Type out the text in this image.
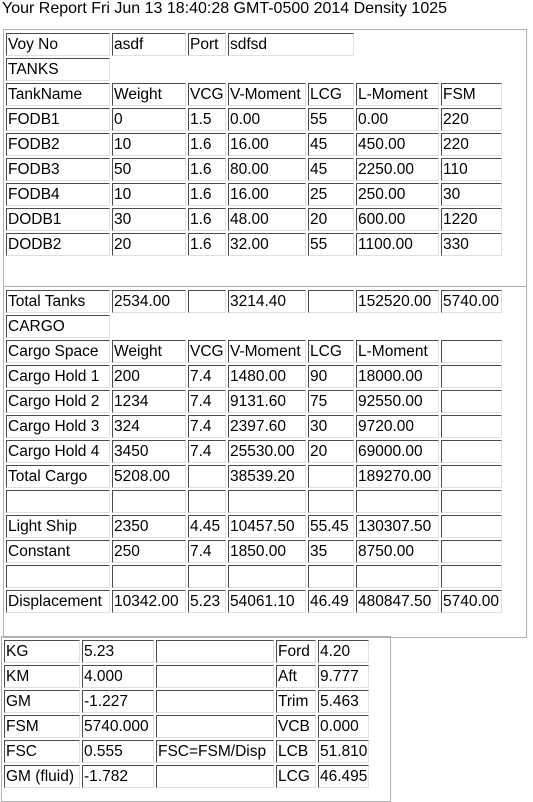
Your Report Fri Jun 13 18:40:28 GMT-0500 2014 Density 1025
Voy No	asdf	Port	sdfsd			
TANKS						
TankName	Weight	VCG	V-Moment	LCG	L-Moment	FSM
FODB1	0	1.5	0.00	55	0.00	220
FODB2	10	1.6	16.00	45	450.00	220
FODB3	50	1.6	80.00	45	2250.00	110
FODB4	10	1.6	16.00	25	250.00	30
DODB1	30	1.6	48.00	20	600.00	1220
DODB2	20	1.6	32.00	55	1100.00	330
Total Tanks	2534.00		3214.40		152520.00	5740.00
CARGO						
Cargo Space	Weight	VCG	V-Moment	LCG	L-Moment	
Cargo Hold 1	200	7.4	1480.00	90	18000.00	
Cargo Hold 2	1234	7.4	9131.60	75	92550.00	
Cargo Hold 3	324	7.4	2397.60	30	9720.00	
Cargo Hold 4	3450	7.4	25530.00	20	69000.00	
Total Cargo	5208.00		38539.20		189270.00	

Light Ship	2350	4.45	10457.50	55.45	130307.50	
Constant	250	7.4	1850.00	35	8750.00	

Displacement	10342.00	5.23	54061.10	46.49	480847.50	5740.00
KG	5.23		Ford	4.20
KM	4.000		Aft	9.777
GM	-1.227		Trim	5.463
FSM	5740.000		VCB	0.000
FSC	0.555	FSC=FSM/Disp	LCB	51.810
GM (fluid)	-1.782		LCG	46.495
